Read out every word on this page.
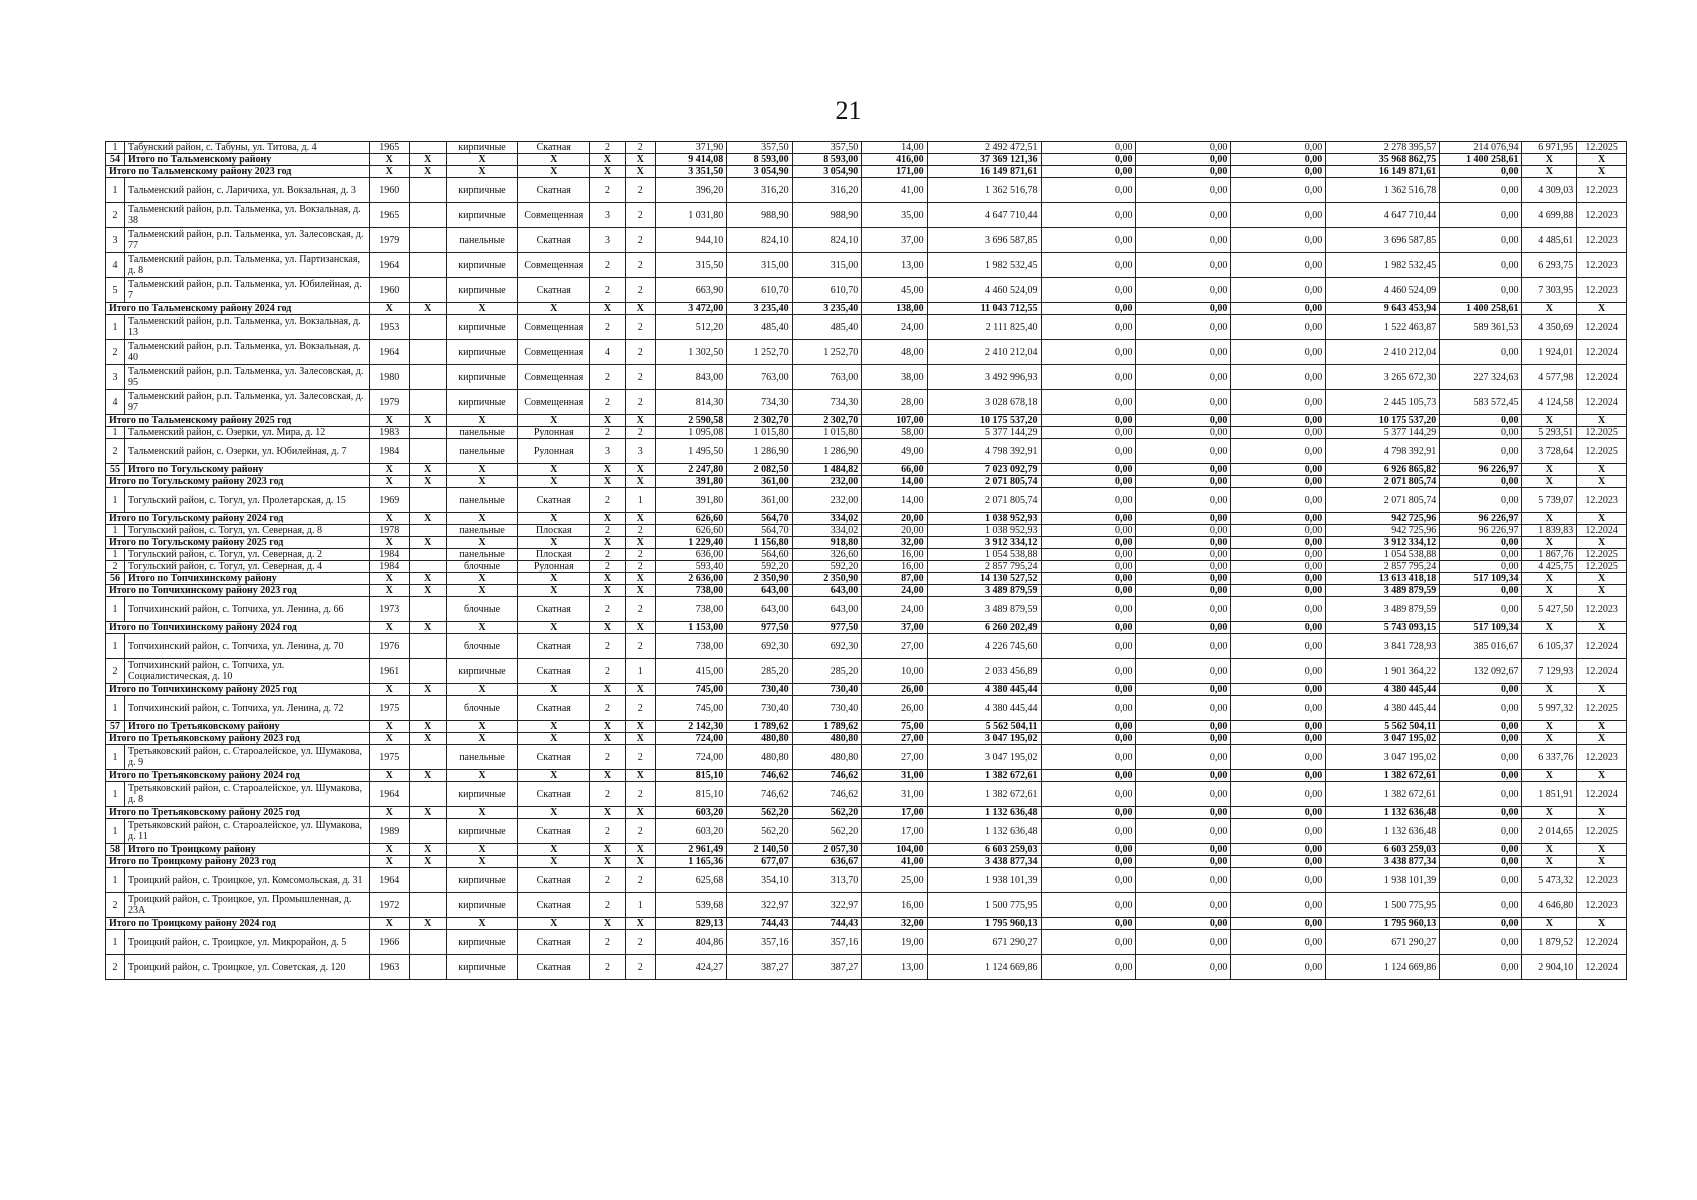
21
1	Табунский район, с. Табуны, ул. Титова, д. 4	1965		кирпичные	Скатная	2	2	371,90	357,50	357,50	14,00	2 492 472,51	0,00	0,00	0,00	2 278 395,57	214 076,94	6 971,95	12.2025
54	Итого по Тальменскому району	X	X	X	X	X	X	9 414,08	8 593,00	8 593,00	416,00	37 369 121,36	0,00	0,00	0,00	35 968 862,75	1 400 258,61	X	X
Итого по Тальменскому району 2023 год		X	X	X	X	X	X	3 351,50	3 054,90	3 054,90	171,00	16 149 871,61	0,00	0,00	0,00	16 149 871,61	0,00	X	X
1	Тальменский район, с. Ларичиха, ул. Вокзальная, д. 3	1960		кирпичные	Скатная	2	2	396,20	316,20	316,20	41,00	1 362 516,78	0,00	0,00	0,00	1 362 516,78	0,00	4 309,03	12.2023
2	Тальменский район, р.п. Тальменка, ул. Вокзальная, д. 38	1965		кирпичные	Совмещенная	3	2	1 031,80	988,90	988,90	35,00	4 647 710,44	0,00	0,00	0,00	4 647 710,44	0,00	4 699,88	12.2023
3	Тальменский район, р.п. Тальменка, ул. Залесовская, д. 77	1979		панельные	Скатная	3	2	944,10	824,10	824,10	37,00	3 696 587,85	0,00	0,00	0,00	3 696 587,85	0,00	4 485,61	12.2023
4	Тальменский район, р.п. Тальменка, ул. Партизанская, д. 8	1964		кирпичные	Совмещенная	2	2	315,50	315,00	315,00	13,00	1 982 532,45	0,00	0,00	0,00	1 982 532,45	0,00	6 293,75	12.2023
5	Тальменский район, р.п. Тальменка, ул. Юбилейная, д. 7	1960		кирпичные	Скатная	2	2	663,90	610,70	610,70	45,00	4 460 524,09	0,00	0,00	0,00	4 460 524,09	0,00	7 303,95	12.2023
Итого по Тальменскому району 2024 год		X	X	X	X	X	X	3 472,00	3 235,40	3 235,40	138,00	11 043 712,55	0,00	0,00	0,00	9 643 453,94	1 400 258,61	X	X
1	Тальменский район, р.п. Тальменка, ул. Вокзальная, д. 13	1953		кирпичные	Совмещенная	2	2	512,20	485,40	485,40	24,00	2 111 825,40	0,00	0,00	0,00	1 522 463,87	589 361,53	4 350,69	12.2024
2	Тальменский район, р.п. Тальменка, ул. Вокзальная, д. 40	1964		кирпичные	Совмещенная	4	2	1 302,50	1 252,70	1 252,70	48,00	2 410 212,04	0,00	0,00	0,00	2 410 212,04	0,00	1 924,01	12.2024
3	Тальменский район, р.п. Тальменка, ул. Залесовская, д. 95	1980		кирпичные	Совмещенная	2	2	843,00	763,00	763,00	38,00	3 492 996,93	0,00	0,00	0,00	3 265 672,30	227 324,63	4 577,98	12.2024
4	Тальменский район, р.п. Тальменка, ул. Залесовская, д. 97	1979		кирпичные	Совмещенная	2	2	814,30	734,30	734,30	28,00	3 028 678,18	0,00	0,00	0,00	2 445 105,73	583 572,45	4 124,58	12.2024
Итого по Тальменскому району 2025 год		X	X	X	X	X	X	2 590,58	2 302,70	2 302,70	107,00	10 175 537,20	0,00	0,00	0,00	10 175 537,20	0,00	X	X
1	Тальменский район, с. Озерки, ул. Мира, д. 12	1983		панельные	Рулонная	2	2	1 095,08	1 015,80	1 015,80	58,00	5 377 144,29	0,00	0,00	0,00	5 377 144,29	0,00	5 293,51	12.2025
2	Тальменский район, с. Озерки, ул. Юбилейная, д. 7	1984		панельные	Рулонная	3	3	1 495,50	1 286,90	1 286,90	49,00	4 798 392,91	0,00	0,00	0,00	4 798 392,91	0,00	3 728,64	12.2025
55	Итого по Тогульскому району	X	X	X	X	X	X	2 247,80	2 082,50	1 484,82	66,00	7 023 092,79	0,00	0,00	0,00	6 926 865,82	96 226,97	X	X
Итого по Тогульскому району 2023 год		X	X	X	X	X	X	391,80	361,00	232,00	14,00	2 071 805,74	0,00	0,00	0,00	2 071 805,74	0,00	X	X
1	Тогульский район, с. Тогул, ул. Пролетарская, д. 15	1969		панельные	Скатная	2	1	391,80	361,00	232,00	14,00	2 071 805,74	0,00	0,00	0,00	2 071 805,74	0,00	5 739,07	12.2023
Итого по Тогульскому району 2024 год		X	X	X	X	X	X	626,60	564,70	334,02	20,00	1 038 952,93	0,00	0,00	0,00	942 725,96	96 226,97	X	X
1	Тогульский район, с. Тогул, ул. Северная, д. 8	1978		панельные	Плоская	2	2	626,60	564,70	334,02	20,00	1 038 952,93	0,00	0,00	0,00	942 725,96	96 226,97	1 839,83	12.2024
Итого по Тогульскому району 2025 год		X	X	X	X	X	X	1 229,40	1 156,80	918,80	32,00	3 912 334,12	0,00	0,00	0,00	3 912 334,12	0,00	X	X
1	Тогульский район, с. Тогул, ул. Северная, д. 2	1984		панельные	Плоская	2	2	636,00	564,60	326,60	16,00	1 054 538,88	0,00	0,00	0,00	1 054 538,88	0,00	1 867,76	12.2025
2	Тогульский район, с. Тогул, ул. Северная, д. 4	1984		блочные	Рулонная	2	2	593,40	592,20	592,20	16,00	2 857 795,24	0,00	0,00	0,00	2 857 795,24	0,00	4 425,75	12.2025
56	Итого по Топчихинскому району	X	X	X	X	X	X	2 636,00	2 350,90	2 350,90	87,00	14 130 527,52	0,00	0,00	0,00	13 613 418,18	517 109,34	X	X
Итого по Топчихинскому району 2023 год		X	X	X	X	X	X	738,00	643,00	643,00	24,00	3 489 879,59	0,00	0,00	0,00	3 489 879,59	0,00	X	X
1	Топчихинский район, с. Топчиха, ул. Ленина, д. 66	1973		блочные	Скатная	2	2	738,00	643,00	643,00	24,00	3 489 879,59	0,00	0,00	0,00	3 489 879,59	0,00	5 427,50	12.2023
Итого по Топчихинскому району 2024 год		X	X	X	X	X	X	1 153,00	977,50	977,50	37,00	6 260 202,49	0,00	0,00	0,00	5 743 093,15	517 109,34	X	X
1	Топчихинский район, с. Топчиха, ул. Ленина, д. 70	1976		блочные	Скатная	2	2	738,00	692,30	692,30	27,00	4 226 745,60	0,00	0,00	0,00	3 841 728,93	385 016,67	6 105,37	12.2024
2	Топчихинский район, с. Топчиха, ул. Социалистическая, д. 10	1961		кирпичные	Скатная	2	1	415,00	285,20	285,20	10,00	2 033 456,89	0,00	0,00	0,00	1 901 364,22	132 092,67	7 129,93	12.2024
Итого по Топчихинскому району 2025 год		X	X	X	X	X	X	745,00	730,40	730,40	26,00	4 380 445,44	0,00	0,00	0,00	4 380 445,44	0,00	X	X
1	Топчихинский район, с. Топчиха, ул. Ленина, д. 72	1975		блочные	Скатная	2	2	745,00	730,40	730,40	26,00	4 380 445,44	0,00	0,00	0,00	4 380 445,44	0,00	5 997,32	12.2025
57	Итого по Третьяковскому району	X	X	X	X	X	X	2 142,30	1 789,62	1 789,62	75,00	5 562 504,11	0,00	0,00	0,00	5 562 504,11	0,00	X	X
Итого по Третьяковскому району 2023 год		X	X	X	X	X	X	724,00	480,80	480,80	27,00	3 047 195,02	0,00	0,00	0,00	3 047 195,02	0,00	X	X
1	Третьяковский район, с. Староалейское, ул. Шумакова, д. 9	1975		панельные	Скатная	2	2	724,00	480,80	480,80	27,00	3 047 195,02	0,00	0,00	0,00	3 047 195,02	0,00	6 337,76	12.2023
Итого по Третьяковскому району 2024 год		X	X	X	X	X	X	815,10	746,62	746,62	31,00	1 382 672,61	0,00	0,00	0,00	1 382 672,61	0,00	X	X
1	Третьяковский район, с. Староалейское, ул. Шумакова, д. 8	1964		кирпичные	Скатная	2	2	815,10	746,62	746,62	31,00	1 382 672,61	0,00	0,00	0,00	1 382 672,61	0,00	1 851,91	12.2024
Итого по Третьяковскому району 2025 год		X	X	X	X	X	X	603,20	562,20	562,20	17,00	1 132 636,48	0,00	0,00	0,00	1 132 636,48	0,00	X	X
1	Третьяковский район, с. Староалейское, ул. Шумакова, д. 11	1989		кирпичные	Скатная	2	2	603,20	562,20	562,20	17,00	1 132 636,48	0,00	0,00	0,00	1 132 636,48	0,00	2 014,65	12.2025
58	Итого по Троицкому району	X	X	X	X	X	X	2 961,49	2 140,50	2 057,30	104,00	6 603 259,03	0,00	0,00	0,00	6 603 259,03	0,00	X	X
Итого по Троицкому району 2023 год		X	X	X	X	X	X	1 165,36	677,07	636,67	41,00	3 438 877,34	0,00	0,00	0,00	3 438 877,34	0,00	X	X
1	Троицкий район, с. Троицкое, ул. Комсомольская, д. 31	1964		кирпичные	Скатная	2	2	625,68	354,10	313,70	25,00	1 938 101,39	0,00	0,00	0,00	1 938 101,39	0,00	5 473,32	12.2023
2	Троицкий район, с. Троицкое, ул. Промышленная, д. 23А	1972		кирпичные	Скатная	2	1	539,68	322,97	322,97	16,00	1 500 775,95	0,00	0,00	0,00	1 500 775,95	0,00	4 646,80	12.2023
Итого по Троицкому району 2024 год		X	X	X	X	X	X	829,13	744,43	744,43	32,00	1 795 960,13	0,00	0,00	0,00	1 795 960,13	0,00	X	X
1	Троицкий район, с. Троицкое, ул. Микрорайон, д. 5	1966		кирпичные	Скатная	2	2	404,86	357,16	357,16	19,00	671 290,27	0,00	0,00	0,00	671 290,27	0,00	1 879,52	12.2024
2	Троицкий район, с. Троицкое, ул. Советская, д. 120	1963		кирпичные	Скатная	2	2	424,27	387,27	387,27	13,00	1 124 669,86	0,00	0,00	0,00	1 124 669,86	0,00	2 904,10	12.2024
